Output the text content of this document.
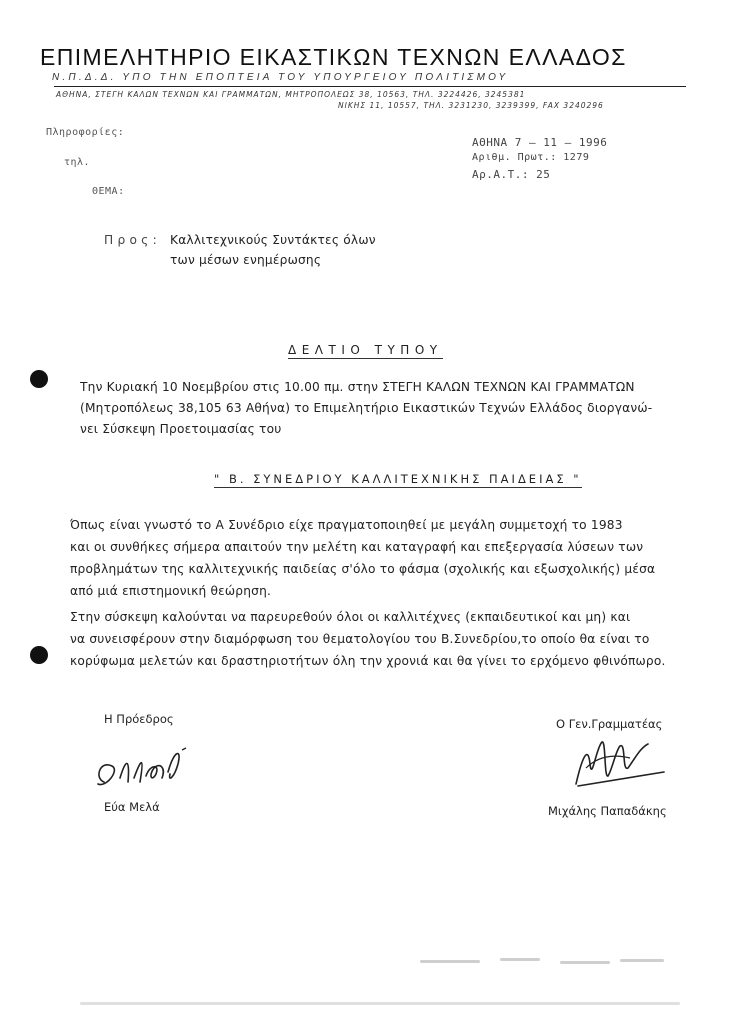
ΕΠΙΜΕΛΗΤΗΡΙΟ ΕΙΚΑΣΤΙΚΩΝ ΤΕΧΝΩΝ ΕΛΛΑΔΟΣ
Ν.Π.Δ.Δ. ΥΠΟ ΤΗΝ ΕΠΟΠΤΕΙΑ ΤΟΥ ΥΠΟΥΡΓΕΙΟΥ ΠΟΛΙΤΙΣΜΟΥ
ΑΘΗΝΑ, ΣΤΕΓΗ ΚΑΛΩΝ ΤΕΧΝΩΝ ΚΑΙ ΓΡΑΜΜΑΤΩΝ, ΜΗΤΡΟΠΟΛΕΩΣ 38, 10563, ΤΗΛ. 3224426, 3245381
ΝΙΚΗΣ 11, 10557, ΤΗΛ. 3231230, 3239399, FAX 3240296
Πληροφορίες:
τηλ.
ΘΕΜΑ:
ΑΘΗΝΑ 7 – 11 – 1996
Αριθμ. Πρωτ.: 1279
Αρ.Α.Τ.: 25
Π ρ ο ς : Καλλιτεχνικούς Συντάκτες όλων
των μέσων ενημέρωσης
ΔΕΛΤΙΟ ΤΥΠΟΥ
Την Κυριακή 10 Νοεμβρίου στις 10.00 πμ. στην ΣΤΕΓΗ ΚΑΛΩΝ ΤΕΧΝΩΝ ΚΑΙ ΓΡΑΜΜΑΤΩΝ
(Μητροπόλεως 38,105 63 Αθήνα) το Επιμελητήριο Εικαστικών Τεχνών Ελλάδος διοργανώ-
νει Σύσκεψη Προετοιμασίας του
" Β. ΣΥΝΕΔΡΙΟΥ ΚΑΛΛΙΤΕΧΝΙΚΗΣ ΠΑΙΔΕΙΑΣ "
Όπως είναι γνωστό το Α Συνέδριο είχε πραγματοποιηθεί με μεγάλη συμμετοχή το 1983
και οι συνθήκες σήμερα απαιτούν την μελέτη και καταγραφή και επεξεργασία λύσεων των
προβλημάτων της καλλιτεχνικής παιδείας σ'όλο το φάσμα (σχολικής και εξωσχολικής) μέσα
από μιά επιστημονική θεώρηση.
Στην σύσκεψη καλούνται να παρευρεθούν όλοι οι καλλιτέχνες (εκπαιδευτικοί και μη) και
να συνεισφέρουν στην διαμόρφωση του θεματολογίου του Β.Συνεδρίου,το οποίο θα είναι το
κορύφωμα μελετών και δραστηριοτήτων όλη την χρονιά και θα γίνει το ερχόμενο φθινόπωρο.
Η Πρόεδρος
Εύα Μελά
Ο Γεν.Γραμματέας
Μιχάλης Παπαδάκης
